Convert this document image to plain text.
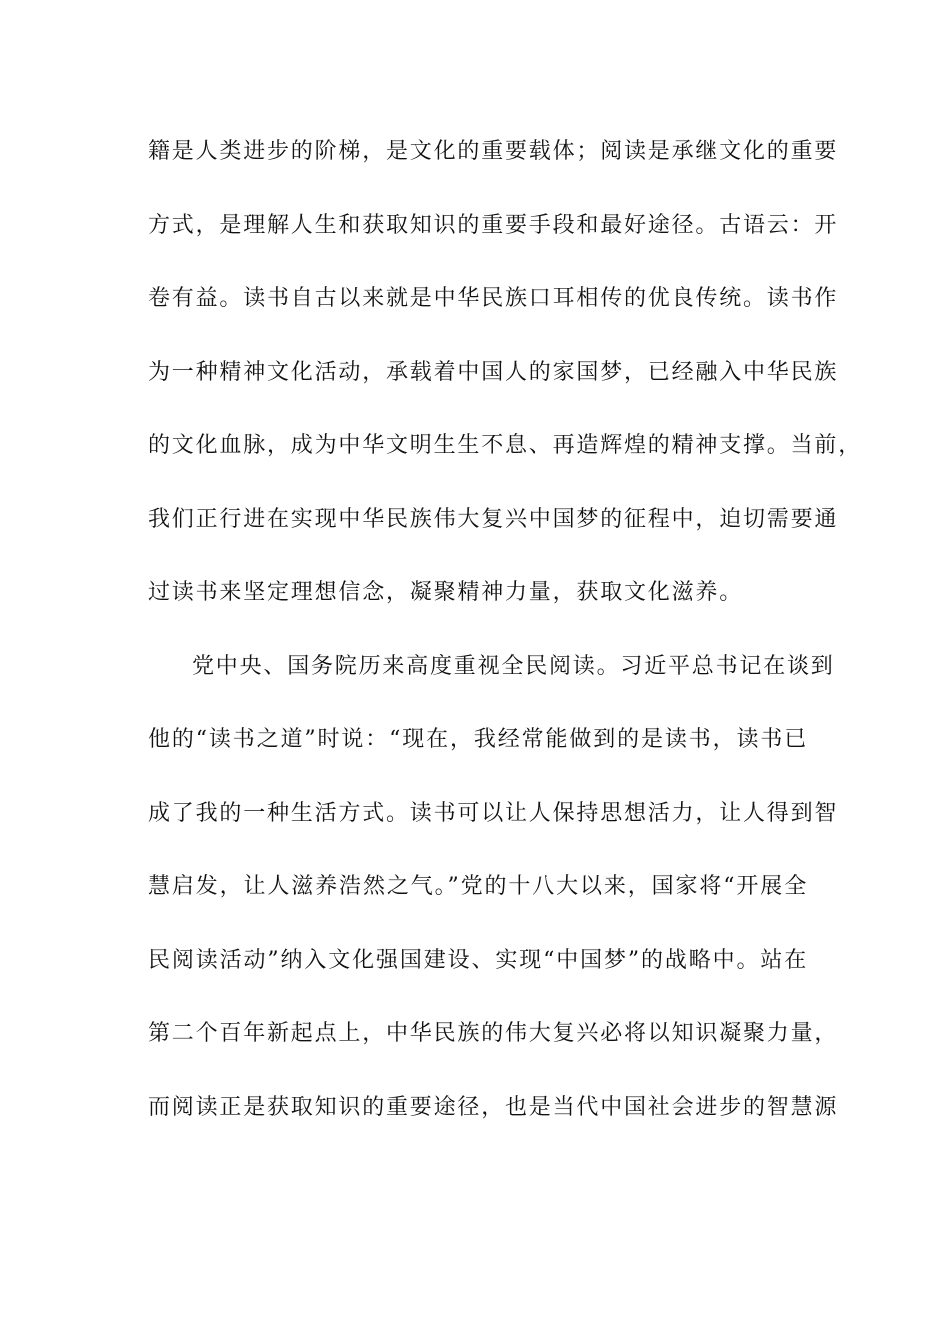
籍是人类进步的阶梯，是文化的重要载体；阅读是承继文化的重要
方式，是理解人生和获取知识的重要手段和最好途径。古语云：开
卷有益。读书自古以来就是中华民族口耳相传的优良传统。读书作
为一种精神文化活动，承载着中国人的家国梦，已经融入中华民族
的文化血脉，成为中华文明生生不息、再造辉煌的精神支撑。当前，
我们正行进在实现中华民族伟大复兴中国梦的征程中，迫切需要通
过读书来坚定理想信念，凝聚精神力量，获取文化滋养。
党中央、国务院历来高度重视全民阅读。习近平总书记在谈到
他的“读书之道”时说：“现在，我经常能做到的是读书，读书已
成了我的一种生活方式。读书可以让人保持思想活力，让人得到智
慧启发，让人滋养浩然之气。”党的十八大以来，国家将“开展全
民阅读活动”纳入文化强国建设、实现“中国梦”的战略中。站在
第二个百年新起点上，中华民族的伟大复兴必将以知识凝聚力量，
而阅读正是获取知识的重要途径，也是当代中国社会进步的智慧源
